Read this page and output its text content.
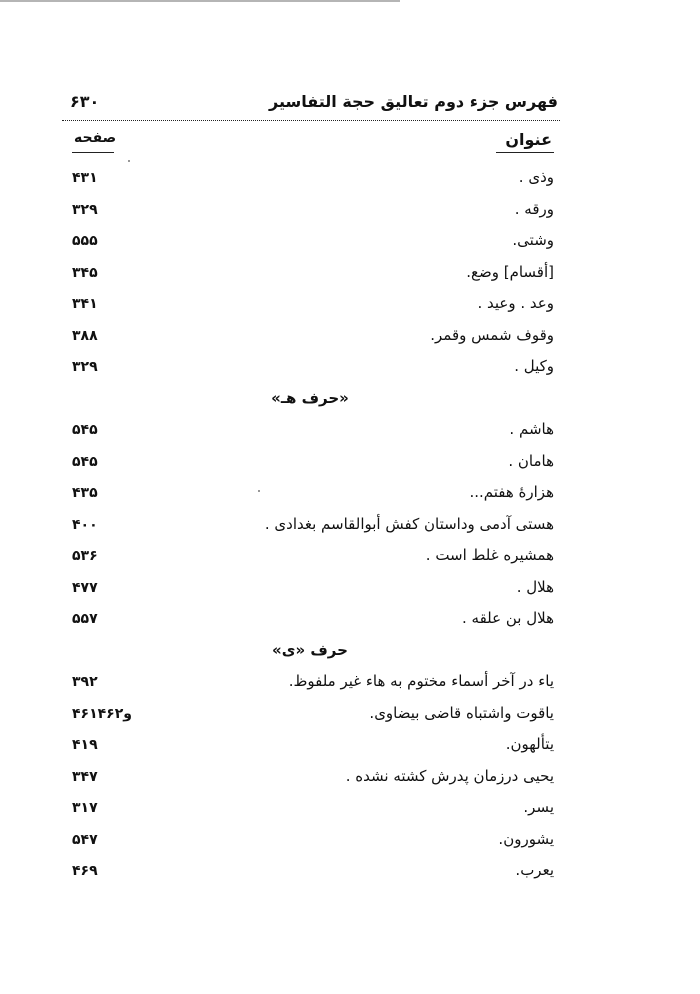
فهرس جزء دوم تعالیق حجة التفاسیر
۶۳۰
عنوان
صفحه
وذی .
۴۳۱
ورقه .
۳۲۹
وشتی.
۵۵۵
[أقسام] وضع.
۳۴۵
وعد . وعید .
۳۴۱
وقوف شمس وقمر.
۳۸۸
وکیل .
۳۲۹
«حرف هـ»
هاشم .
۵۴۵
هامان .
۵۴۵
هزارهٔ هفتم...
۴۳۵
هستی آدمی وداستان کفش أبوالقاسم بغدادی .
۴۰۰
همشیره غلط است .
۵۳۶
هلال .
۴۷۷
هلال بن علقه .
۵۵۷
حرف «ی»
یاء در آخر أسماء مختوم به هاء غیر ملفوظ.
۳۹۲
یاقوت واشتباه قاضی بیضاوی.
۴۶۱و۴۶۲
یتألهون.
۴۱۹
یحیی درزمان پدرش کشته نشده .
۳۴۷
یسر.
۳۱۷
یشورون.
۵۴۷
یعرب.
۴۶۹
